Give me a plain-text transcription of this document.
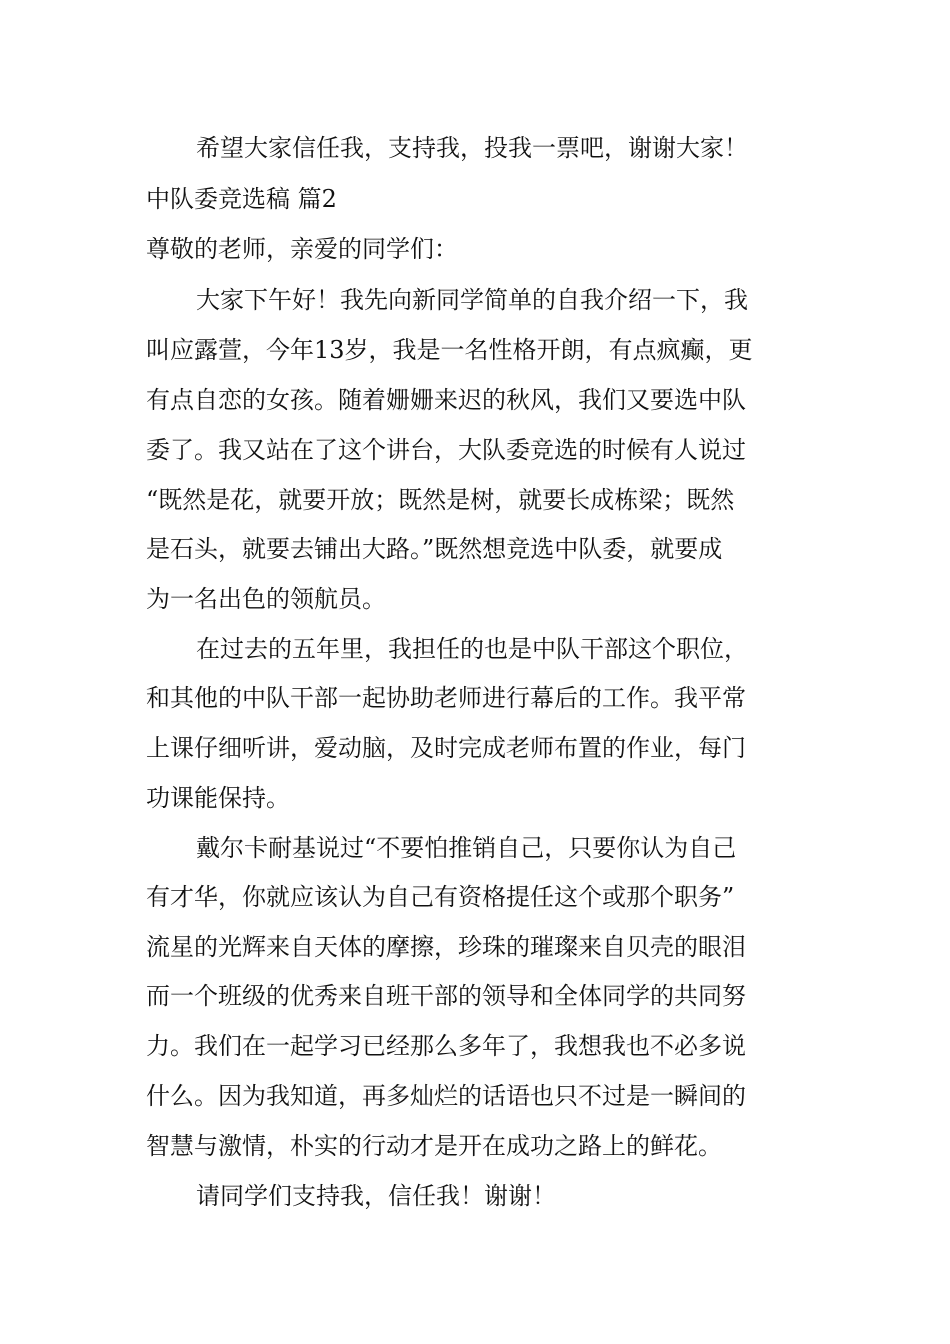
希望大家信任我，支持我，投我一票吧，谢谢大家！
中队委竞选稿 篇2
尊敬的老师，亲爱的同学们：
大家下午好！我先向新同学简单的自我介绍一下，我
叫应露萱，今年13岁，我是一名性格开朗，有点疯癫，更
有点自恋的女孩。随着姗姗来迟的秋风，我们又要选中队
委了。我又站在了这个讲台，大队委竞选的时候有人说过
“既然是花，就要开放；既然是树，就要长成栋梁；既然
是石头，就要去铺出大路。”既然想竞选中队委，就要成
为一名出色的领航员。
在过去的五年里，我担任的也是中队干部这个职位，
和其他的中队干部一起协助老师进行幕后的工作。我平常
上课仔细听讲，爱动脑，及时完成老师布置的作业，每门
功课能保持。
戴尔卡耐基说过“不要怕推销自己，只要你认为自己
有才华，你就应该认为自己有资格提任这个或那个职务”
流星的光辉来自天体的摩擦，珍珠的璀璨来自贝壳的眼泪
而一个班级的优秀来自班干部的领导和全体同学的共同努
力。我们在一起学习已经那么多年了，我想我也不必多说
什么。因为我知道，再多灿烂的话语也只不过是一瞬间的
智慧与激情，朴实的行动才是开在成功之路上的鲜花。
请同学们支持我，信任我！谢谢！
